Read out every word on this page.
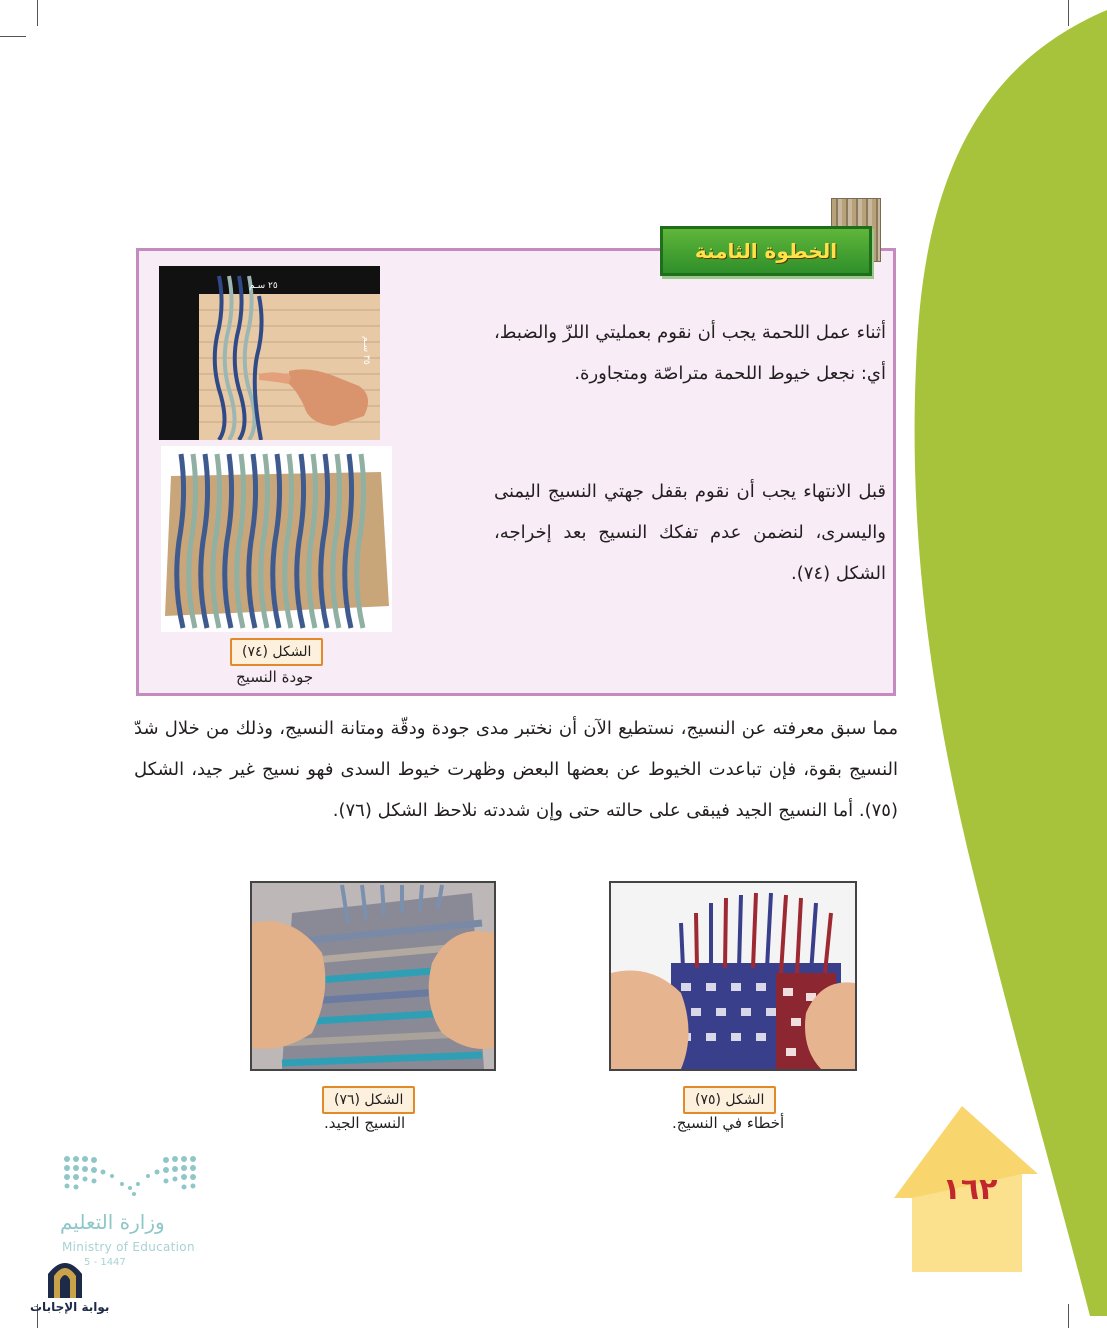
الخطوة الثامنة
أثناء عمل اللحمة يجب أن نقوم بعمليتي اللزّ والضبط، أي: نجعل خيوط اللحمة متراصّة ومتجاورة.
قبل الانتهاء يجب أن نقوم بقفل جهتي النسيج اليمنى واليسرى، لنضمن عدم تفكك النسيج بعد إخراجه، الشكل (٧٤).
٢٥ سـم
٣٥ سـم
الشكل (٧٤)
جودة النسيج
مما سبق معرفته عن النسيج، نستطيع الآن أن نختبر مدى جودة ودقّة ومتانة النسيج، وذلك من خلال شدّ النسيج بقوة، فإن تباعدت الخيوط عن بعضها البعض وظهرت خيوط السدى فهو نسيج غير جيد، الشكل (٧٥). أما النسيج الجيد فيبقى على حالته حتى وإن شددته نلاحظ الشكل (٧٦).
الشكل (٧٦)
النسيج الجيد.
الشكل (٧٥)
أخطاء في النسيج.
١٦٢
وزارة التعليم
Ministry of Education
5 - 1447
بوابة الإجابات
